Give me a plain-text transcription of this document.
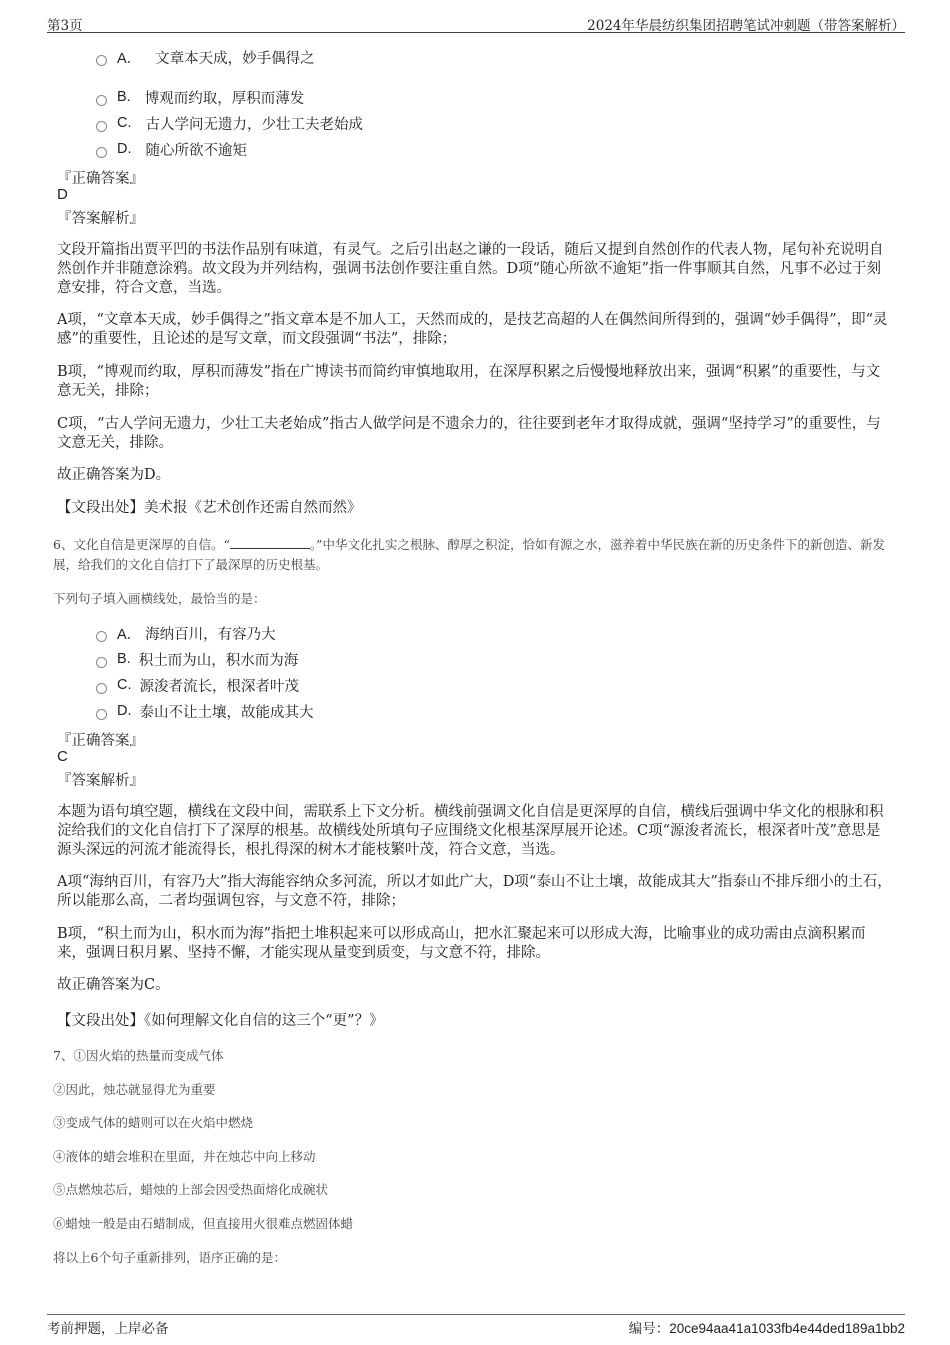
第3页	2024年华晨纺织集团招聘笔试冲刺题（带答案解析）
A． 文章本天成，妙手偶得之
B. 博观而约取，厚积而薄发
C. 古人学问无遗力，少壮工夫老始成
D. 随心所欲不逾矩
『正确答案』
D
『答案解析』
文段开篇指出贾平凹的书法作品别有味道，有灵气。之后引出赵之谦的一段话，随后又提到自然创作的代表人物，尾句补充说明自然创作并非随意涂鸦。故文段为并列结构，强调书法创作要注重自然。D项“随心所欲不逾矩”指一件事顺其自然，凡事不必过于刻意安排，符合文意，当选。
A项，“文章本天成，妙手偶得之”指文章本是不加人工，天然而成的，是技艺高超的人在偶然间所得到的，强调“妙手偶得”，即“灵感”的重要性，且论述的是写文章，而文段强调“书法”，排除；
B项，“博观而约取，厚积而薄发”指在广博读书而简约审慎地取用，在深厚积累之后慢慢地释放出来，强调“积累”的重要性，与文意无关，排除；
C项，“古人学问无遗力，少壮工夫老始成”指古人做学问是不遗余力的，往往要到老年才取得成就，强调“坚持学习”的重要性，与文意无关，排除。
故正确答案为D。
【文段出处】美术报《艺术创作还需自然而然》
6、文化自信是更深厚的自信。“	。”中华文化扎实之根脉、醇厚之积淀，恰如有源之水，滋养着中华民族在新的历史条件下的新创造、新发展，给我们的文化自信打下了最深厚的历史根基。
下列句子填入画横线处，最恰当的是：
A． 海纳百川，有容乃大
B. 积土而为山，积水而为海
C. 源浚者流长，根深者叶茂
D. 泰山不让土壤，故能成其大
『正确答案』
C
『答案解析』
本题为语句填空题，横线在文段中间，需联系上下文分析。横线前强调文化自信是更深厚的自信，横线后强调中华文化的根脉和积淀给我们的文化自信打下了深厚的根基。故横线处所填句子应围绕文化根基深厚展开论述。C项“源浚者流长，根深者叶茂”意思是源头深远的河流才能流得长，根扎得深的树木才能枝繁叶茂，符合文意，当选。
A项“海纳百川，有容乃大”指大海能容纳众多河流，所以才如此广大，D项“泰山不让土壤，故能成其大”指泰山不排斥细小的土石，所以能那么高，二者均强调包容，与文意不符，排除；
B项，“积土而为山，积水而为海”指把土堆积起来可以形成高山，把水汇聚起来可以形成大海，比喻事业的成功需由点滴积累而来，强调日积月累、坚持不懈，才能实现从量变到质变，与文意不符，排除。
故正确答案为C。
【文段出处】《如何理解文化自信的这三个“更”？》
7、①因火焰的热量而变成气体
②因此，烛芯就显得尤为重要
③变成气体的蜡则可以在火焰中燃烧
④液体的蜡会堆积在里面，并在烛芯中向上移动
⑤点燃烛芯后，蜡烛的上部会因受热面熔化成碗状
⑥蜡烛一般是由石蜡制成，但直接用火很难点燃固体蜡
将以上6个句子重新排列，语序正确的是：
考前押题，上岸必备	编号：20ce94aa41a1033fb4e44ded189a1bb2
